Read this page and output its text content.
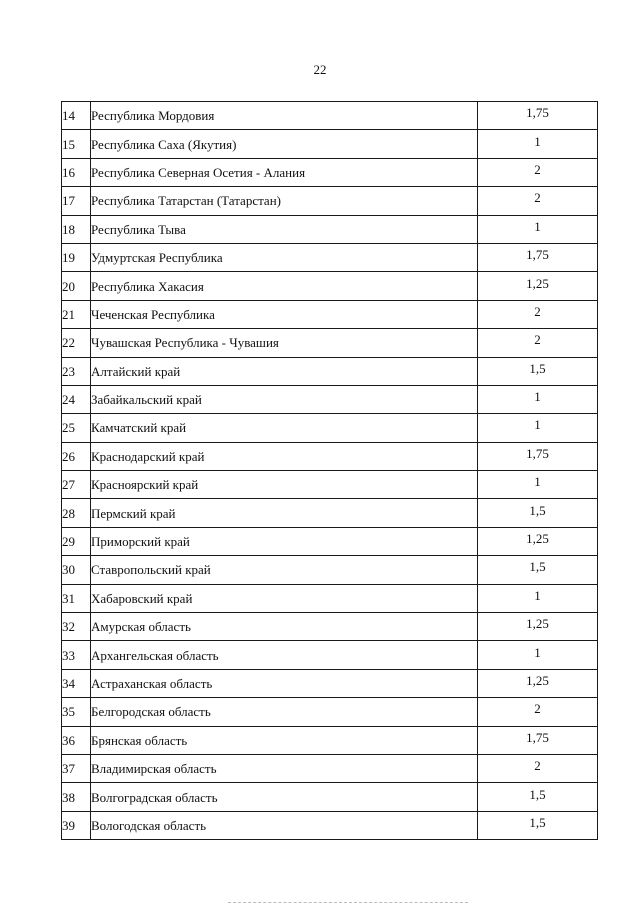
22
14	Республика Мордовия	1,75
15	Республика Саха (Якутия)	1
16	Республика Северная Осетия - Алания	2
17	Республика Татарстан (Татарстан)	2
18	Республика Тыва	1
19	Удмуртская Республика	1,75
20	Республика Хакасия	1,25
21	Чеченская Республика	2
22	Чувашская Республика - Чувашия	2
23	Алтайский край	1,5
24	Забайкальский край	1
25	Камчатский край	1
26	Краснодарский край	1,75
27	Красноярский край	1
28	Пермский край	1,5
29	Приморский край	1,25
30	Ставропольский край	1,5
31	Хабаровский край	1
32	Амурская область	1,25
33	Архангельская область	1
34	Астраханская область	1,25
35	Белгородская область	2
36	Брянская область	1,75
37	Владимирская область	2
38	Волгоградская область	1,5
39	Вологодская область	1,5
